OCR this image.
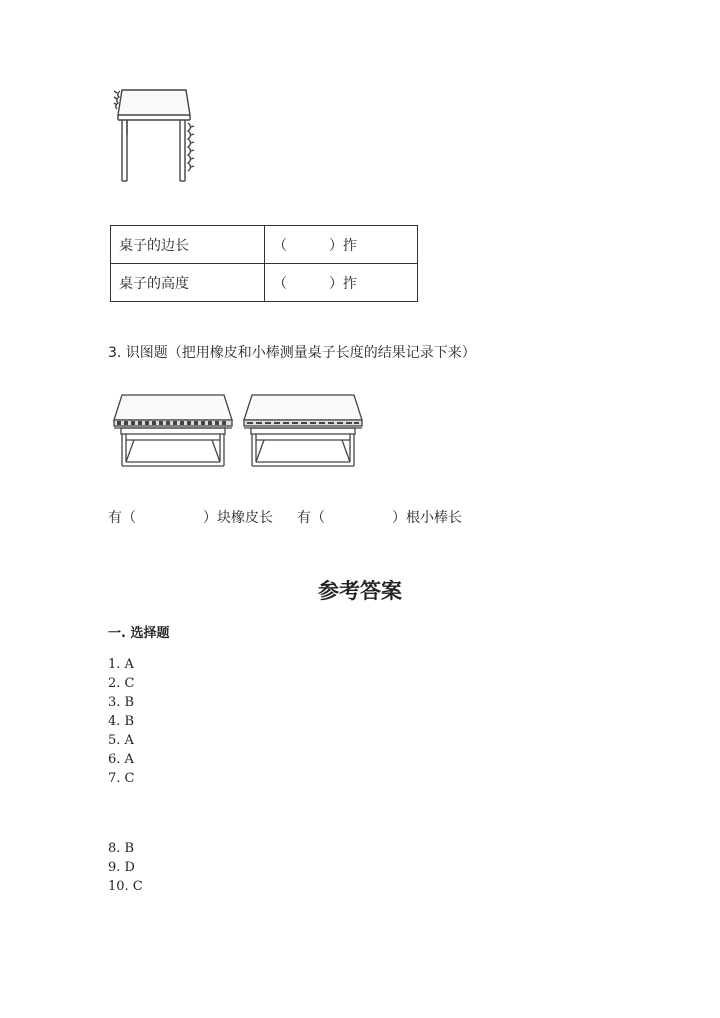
桌子的边长	（　　　）拃
桌子的高度	（　　　）拃
3. 识图题（把用橡皮和小棒测量桌子长度的结果记录下来）
有（	）块橡皮长 有（	）根小棒长
参考答案
一. 选择题
1. A
2. C
3. B
4. B
5. A
6. A
7. C
8. B
9. D
10. C
